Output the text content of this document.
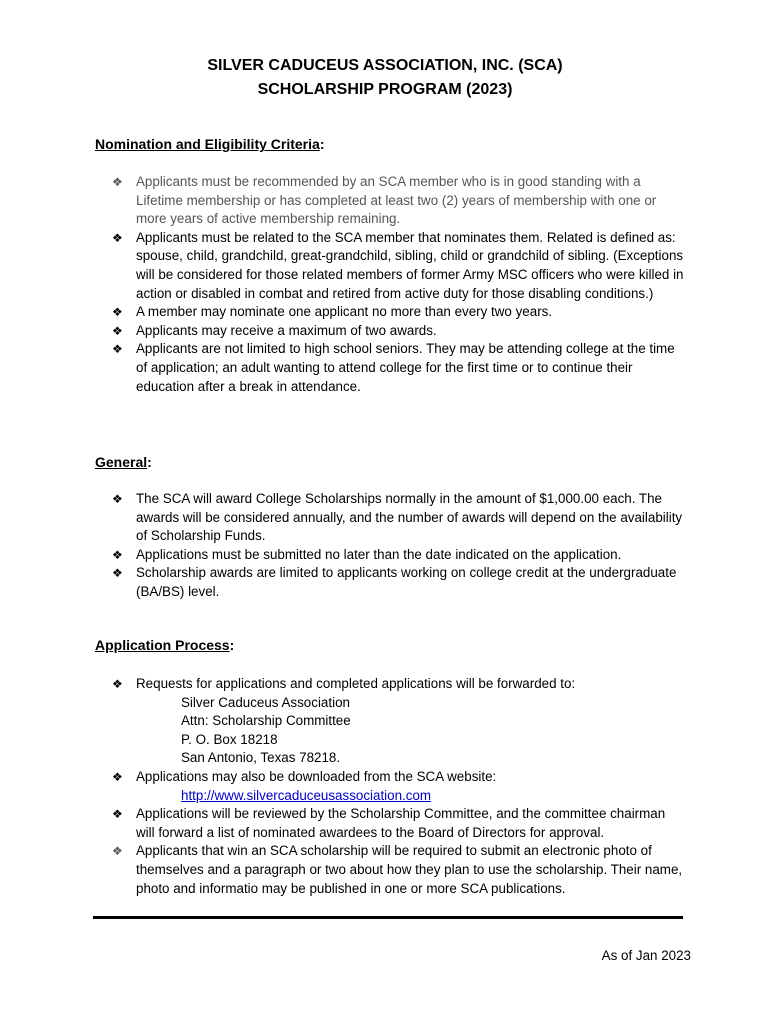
SILVER CADUCEUS ASSOCIATION, INC. (SCA)
SCHOLARSHIP PROGRAM (2023)
Nomination and Eligibility Criteria:
❖ Applicants must be recommended by an SCA member who is in good standing with a Lifetime membership or has completed at least two (2) years of membership with one or more years of active membership remaining.
❖ Applicants must be related to the SCA member that nominates them. Related is defined as: spouse, child, grandchild, great-grandchild, sibling, child or grandchild of sibling. (Exceptions will be considered for those related members of former Army MSC officers who were killed in action or disabled in combat and retired from active duty for those disabling conditions.)
❖ A member may nominate one applicant no more than every two years.
❖ Applicants may receive a maximum of two awards.
❖ Applicants are not limited to high school seniors. They may be attending college at the time of application; an adult wanting to attend college for the first time or to continue their education after a break in attendance.
General:
❖ The SCA will award College Scholarships normally in the amount of $1,000.00 each. The awards will be considered annually, and the number of awards will depend on the availability of Scholarship Funds.
❖ Applications must be submitted no later than the date indicated on the application.
❖ Scholarship awards are limited to applicants working on college credit at the undergraduate (BA/BS) level.
Application Process:
❖ Requests for applications and completed applications will be forwarded to:
Silver Caduceus Association
Attn: Scholarship Committee
P. O. Box 18218
San Antonio, Texas 78218.
❖ Applications may also be downloaded from the SCA website:
http://www.silvercaduceusassociation.com
❖ Applications will be reviewed by the Scholarship Committee, and the committee chairman will forward a list of nominated awardees to the Board of Directors for approval.
❖ Applicants that win an SCA scholarship will be required to submit an electronic photo of themselves and a paragraph or two about how they plan to use the scholarship. Their name, photo and informatio may be published in one or more SCA publications.
As of Jan 2023
